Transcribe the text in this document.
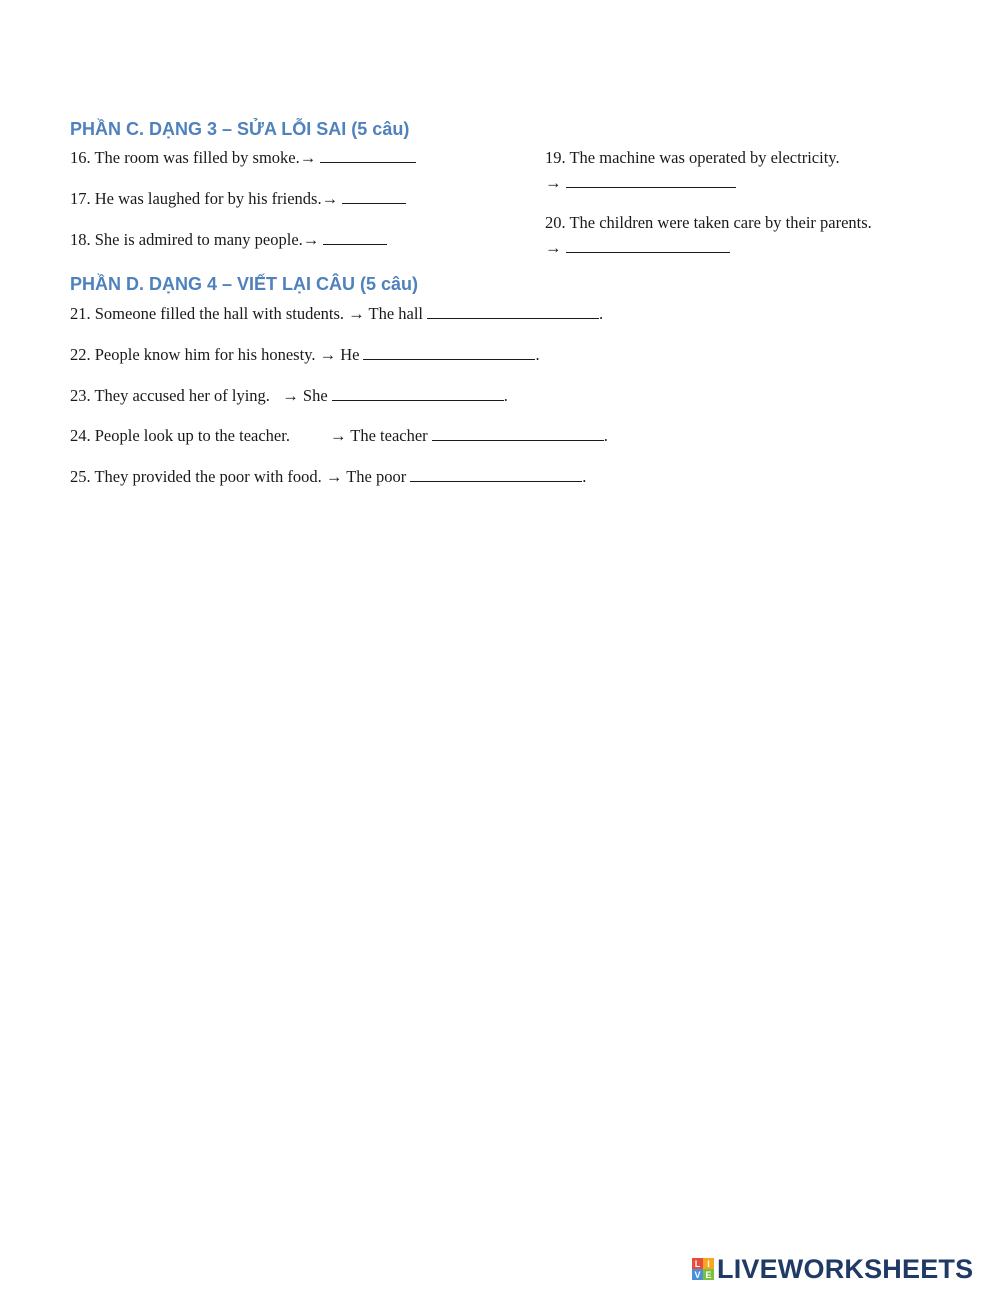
PHẦN C. DẠNG 3 – SỬA LỖI SAI (5 câu)
16. The room was filled by smoke.→
17. He was laughed for by his friends.→
18. She is admired to many people.→
19. The machine was operated by electricity.
→
20. The children were taken care by their parents.
→
PHẦN D. DẠNG 4 – VIẾT LẠI CÂU (5 câu)
21. Someone filled the hall with students. → The hall	.
22. People know him for his honesty. → He	.
23. They accused her of lying.   → She	.
24. People look up to the teacher. → The teacher	.
25. They provided the poor with food. → The poor	.
L I
V E LIVEWORKSHEETS
